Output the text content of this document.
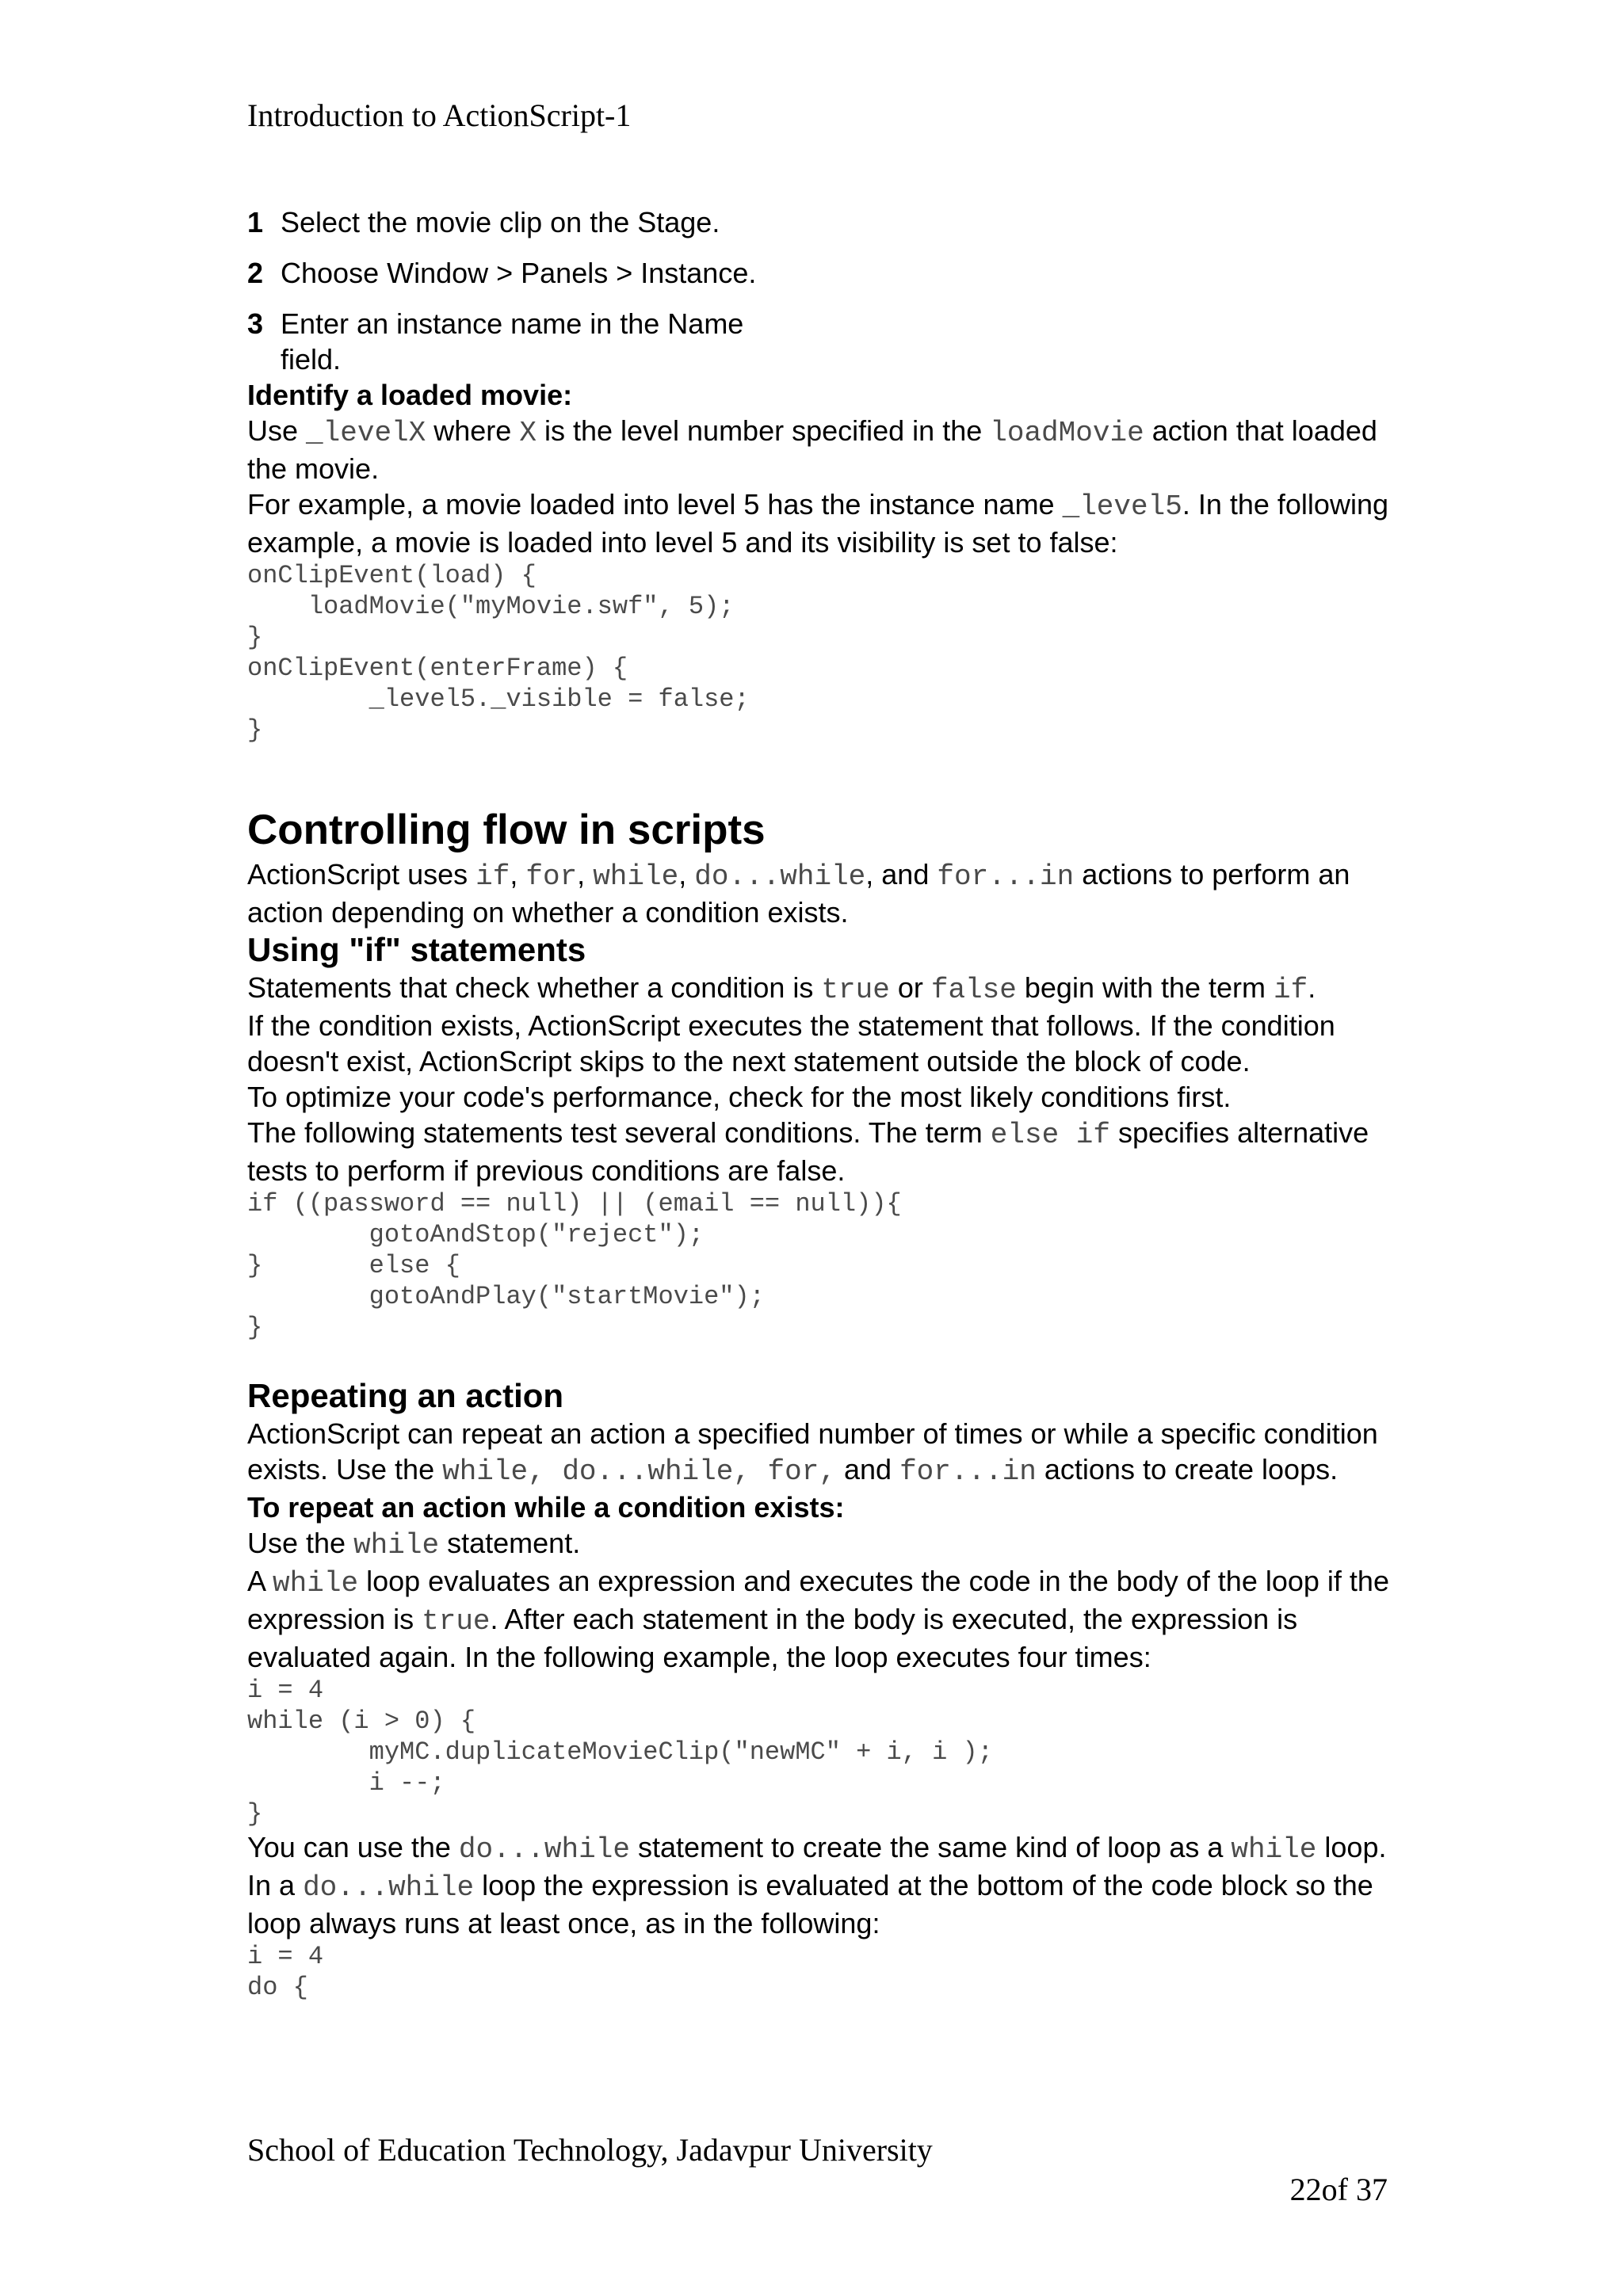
Introduction to ActionScript-1
1 Select the movie clip on the Stage.
2 Choose Window > Panels > Instance.
3 Enter an instance name in the Name field.

Identify a loaded movie:

Use _levelX where X is the level number specified in the loadMovie action that loaded the movie.

For example, a movie loaded into level 5 has the instance name _level5. In the following example, a movie is loaded into level 5 and its visibility is set to false:

onClipEvent(load) {
loadMovie("myMovie.swf", 5);
}
onClipEvent(enterFrame) {
_level5._visible = false;
}
Controlling flow in scripts

ActionScript uses if, for, while, do...while, and for...in actions to perform an action depending on whether a condition exists.

Using "if" statements

Statements that check whether a condition is true or false begin with the term if.

If the condition exists, ActionScript executes the statement that follows. If the condition doesn't exist, ActionScript skips to the next statement outside the block of code.

To optimize your code's performance, check for the most likely conditions first.

The following statements test several conditions. The term else if specifies alternative tests to perform if previous conditions are false.

if ((password == null) || (email == null)){
gotoAndStop("reject");
}       else {
gotoAndPlay("startMovie");
}
Repeating an action

ActionScript can repeat an action a specified number of times or while a specific condition exists. Use the while, do...while, for, and for...in actions to create loops.

To repeat an action while a condition exists:

Use the while statement.

A while loop evaluates an expression and executes the code in the body of the loop if the expression is true. After each statement in the body is executed, the expression is evaluated again. In the following example, the loop executes four times:

i = 4
while (i > 0) {
myMC.duplicateMovieClip("newMC" + i, i );
i --;
}

You can use the do...while statement to create the same kind of loop as a while loop. In a do...while loop the expression is evaluated at the bottom of the code block so the loop always runs at least once, as in the following:

i = 4
do {
School of Education Technology, Jadavpur University
22of 37
